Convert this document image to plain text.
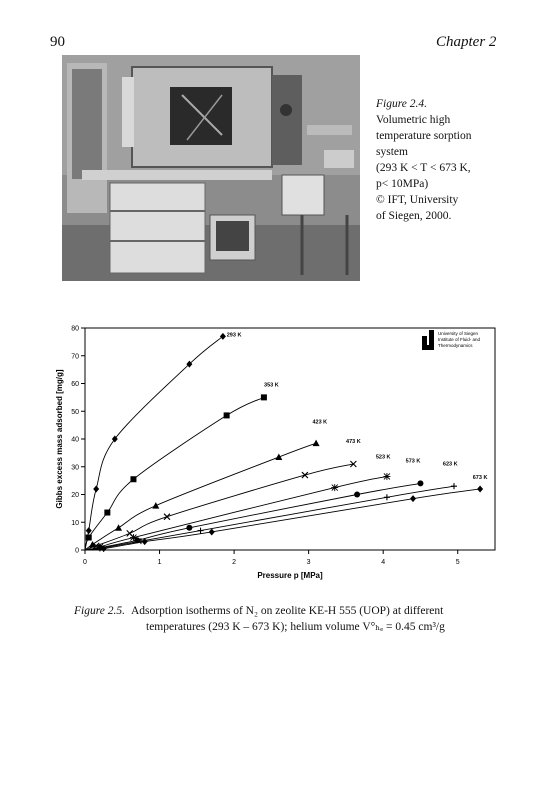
90	Chapter 2
Figure 2.4.
Volumetric high
temperature sorption
system
(293 K < T < 673 K,
p< 10MPa)
© IFT, University
of Siegen, 2000.
0	1	2	3	4	5
0
10
20
30
40
50
60
70
80
Pressure p [MPa]
Gibbs excess mass adsorbed [mg/g]
293 K
353 K
423 K
473 K
523 K
573 K	623 K
673 K
University of Siegen
Institute of Fluid- and
Thermodynamics
Figure 2.5. Adsorption isotherms of N₂ on zeolite KE-H 555 (UOP) at different
temperatures (293 K – 673 K); helium volume V°ₕₑ = 0.45 cm³/g
